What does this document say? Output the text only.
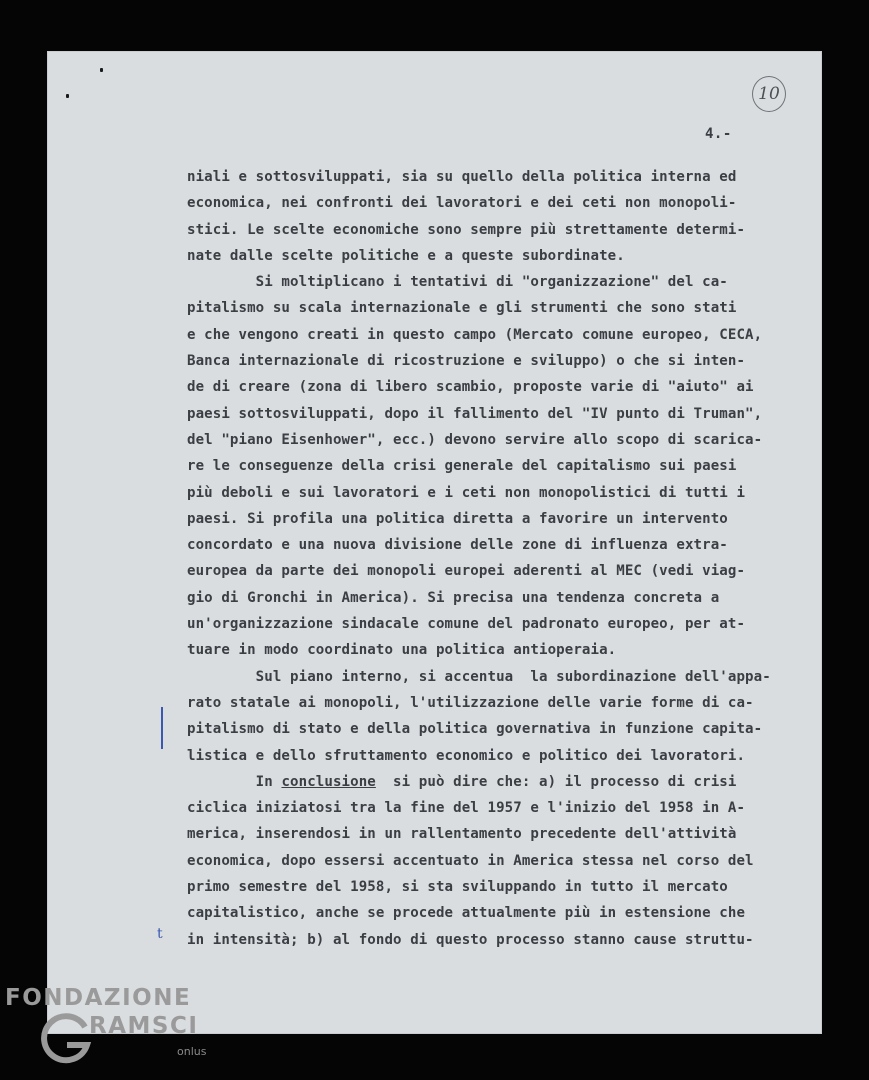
10
4.-
t
niali e sottosviluppati, sia su quello della politica interna ed
economica, nei confronti dei lavoratori e dei ceti non monopoli-
stici. Le scelte economiche sono sempre più strettamente determi-
nate dalle scelte politiche e a queste subordinate.
Si moltiplicano i tentativi di "organizzazione" del ca-
pitalismo su scala internazionale e gli strumenti che sono stati
e che vengono creati in questo campo (Mercato comune europeo, CECA,
Banca internazionale di ricostruzione e sviluppo) o che si inten-
de di creare (zona di libero scambio, proposte varie di "aiuto" ai
paesi sottosviluppati, dopo il fallimento del "IV punto di Truman",
del "piano Eisenhower", ecc.) devono servire allo scopo di scarica-
re le conseguenze della crisi generale del capitalismo sui paesi
più deboli e sui lavoratori e i ceti non monopolistici di tutti i
paesi. Si profila una politica diretta a favorire un intervento
concordato e una nuova divisione delle zone di influenza extra-
europea da parte dei monopoli europei aderenti al MEC (vedi viag-
gio di Gronchi in America). Si precisa una tendenza concreta a
un'organizzazione sindacale comune del padronato europeo, per at-
tuare in modo coordinato una politica antioperaia.
Sul piano interno, si accentua  la subordinazione dell'appa-
rato statale ai monopoli, l'utilizzazione delle varie forme di ca-
pitalismo di stato e della politica governativa in funzione capita-
listica e dello sfruttamento economico e politico dei lavoratori.
In conclusione  si può dire che: a) il processo di crisi
ciclica iniziatosi tra la fine del 1957 e l'inizio del 1958 in A-
merica, inserendosi in un rallentamento precedente dell'attività
economica, dopo essersi accentuato in America stessa nel corso del
primo semestre del 1958, si sta sviluppando in tutto il mercato
capitalistico, anche se procede attualmente più in estensione che
in intensità; b) al fondo di questo processo stanno cause struttu-
FONDAZIONE
RAMSCI
onlus
